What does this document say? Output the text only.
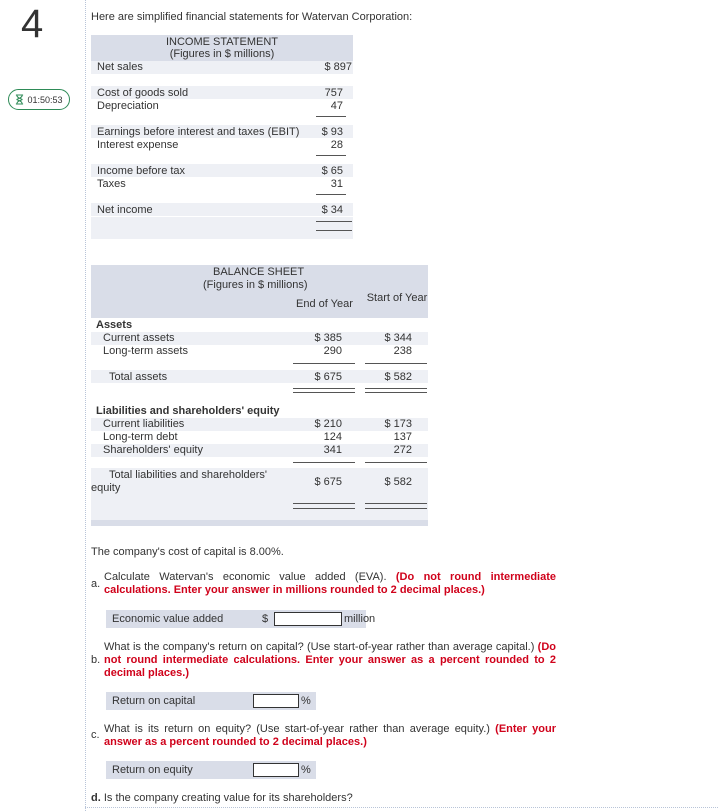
4
01:50:53
Here are simplified financial statements for Watervan Corporation:
INCOME STATEMENT
(Figures in $ millions)
Net sales	$ 897
Cost of goods sold	757
Depreciation	47
Earnings before interest and taxes (EBIT)	$ 93
Interest expense	28
Income before tax	$ 65
Taxes	31
Net income	$ 34
BALANCE SHEET
(Figures in $ millions)
End of Year Start of Year
Assets
Current assets	$ 385	$ 344
Long-term assets	290	238
Total assets	$ 675	$ 582
Liabilities and shareholders' equity
Current liabilities	$ 210	$ 173
Long-term debt	124	137
Shareholders' equity	341	272
Total liabilities and shareholders'
equity	$ 675	$ 582
The company's cost of capital is 8.00%.
a.
Calculate Watervan's economic value added (EVA). (Do not round intermediate calculations. Enter your answer in millions rounded to 2 decimal places.)
Economic value added	$	million
b.
What is the company's return on capital? (Use start-of-year rather than average capital.) (Do not round intermediate calculations. Enter your answer as a percent rounded to 2 decimal places.)
Return on capital	%
c. What is its return on equity? (Use start-of-year rather than average equity.) (Enter your answer as a percent rounded to 2 decimal places.)
Return on equity	%
d. Is the company creating value for its shareholders?
